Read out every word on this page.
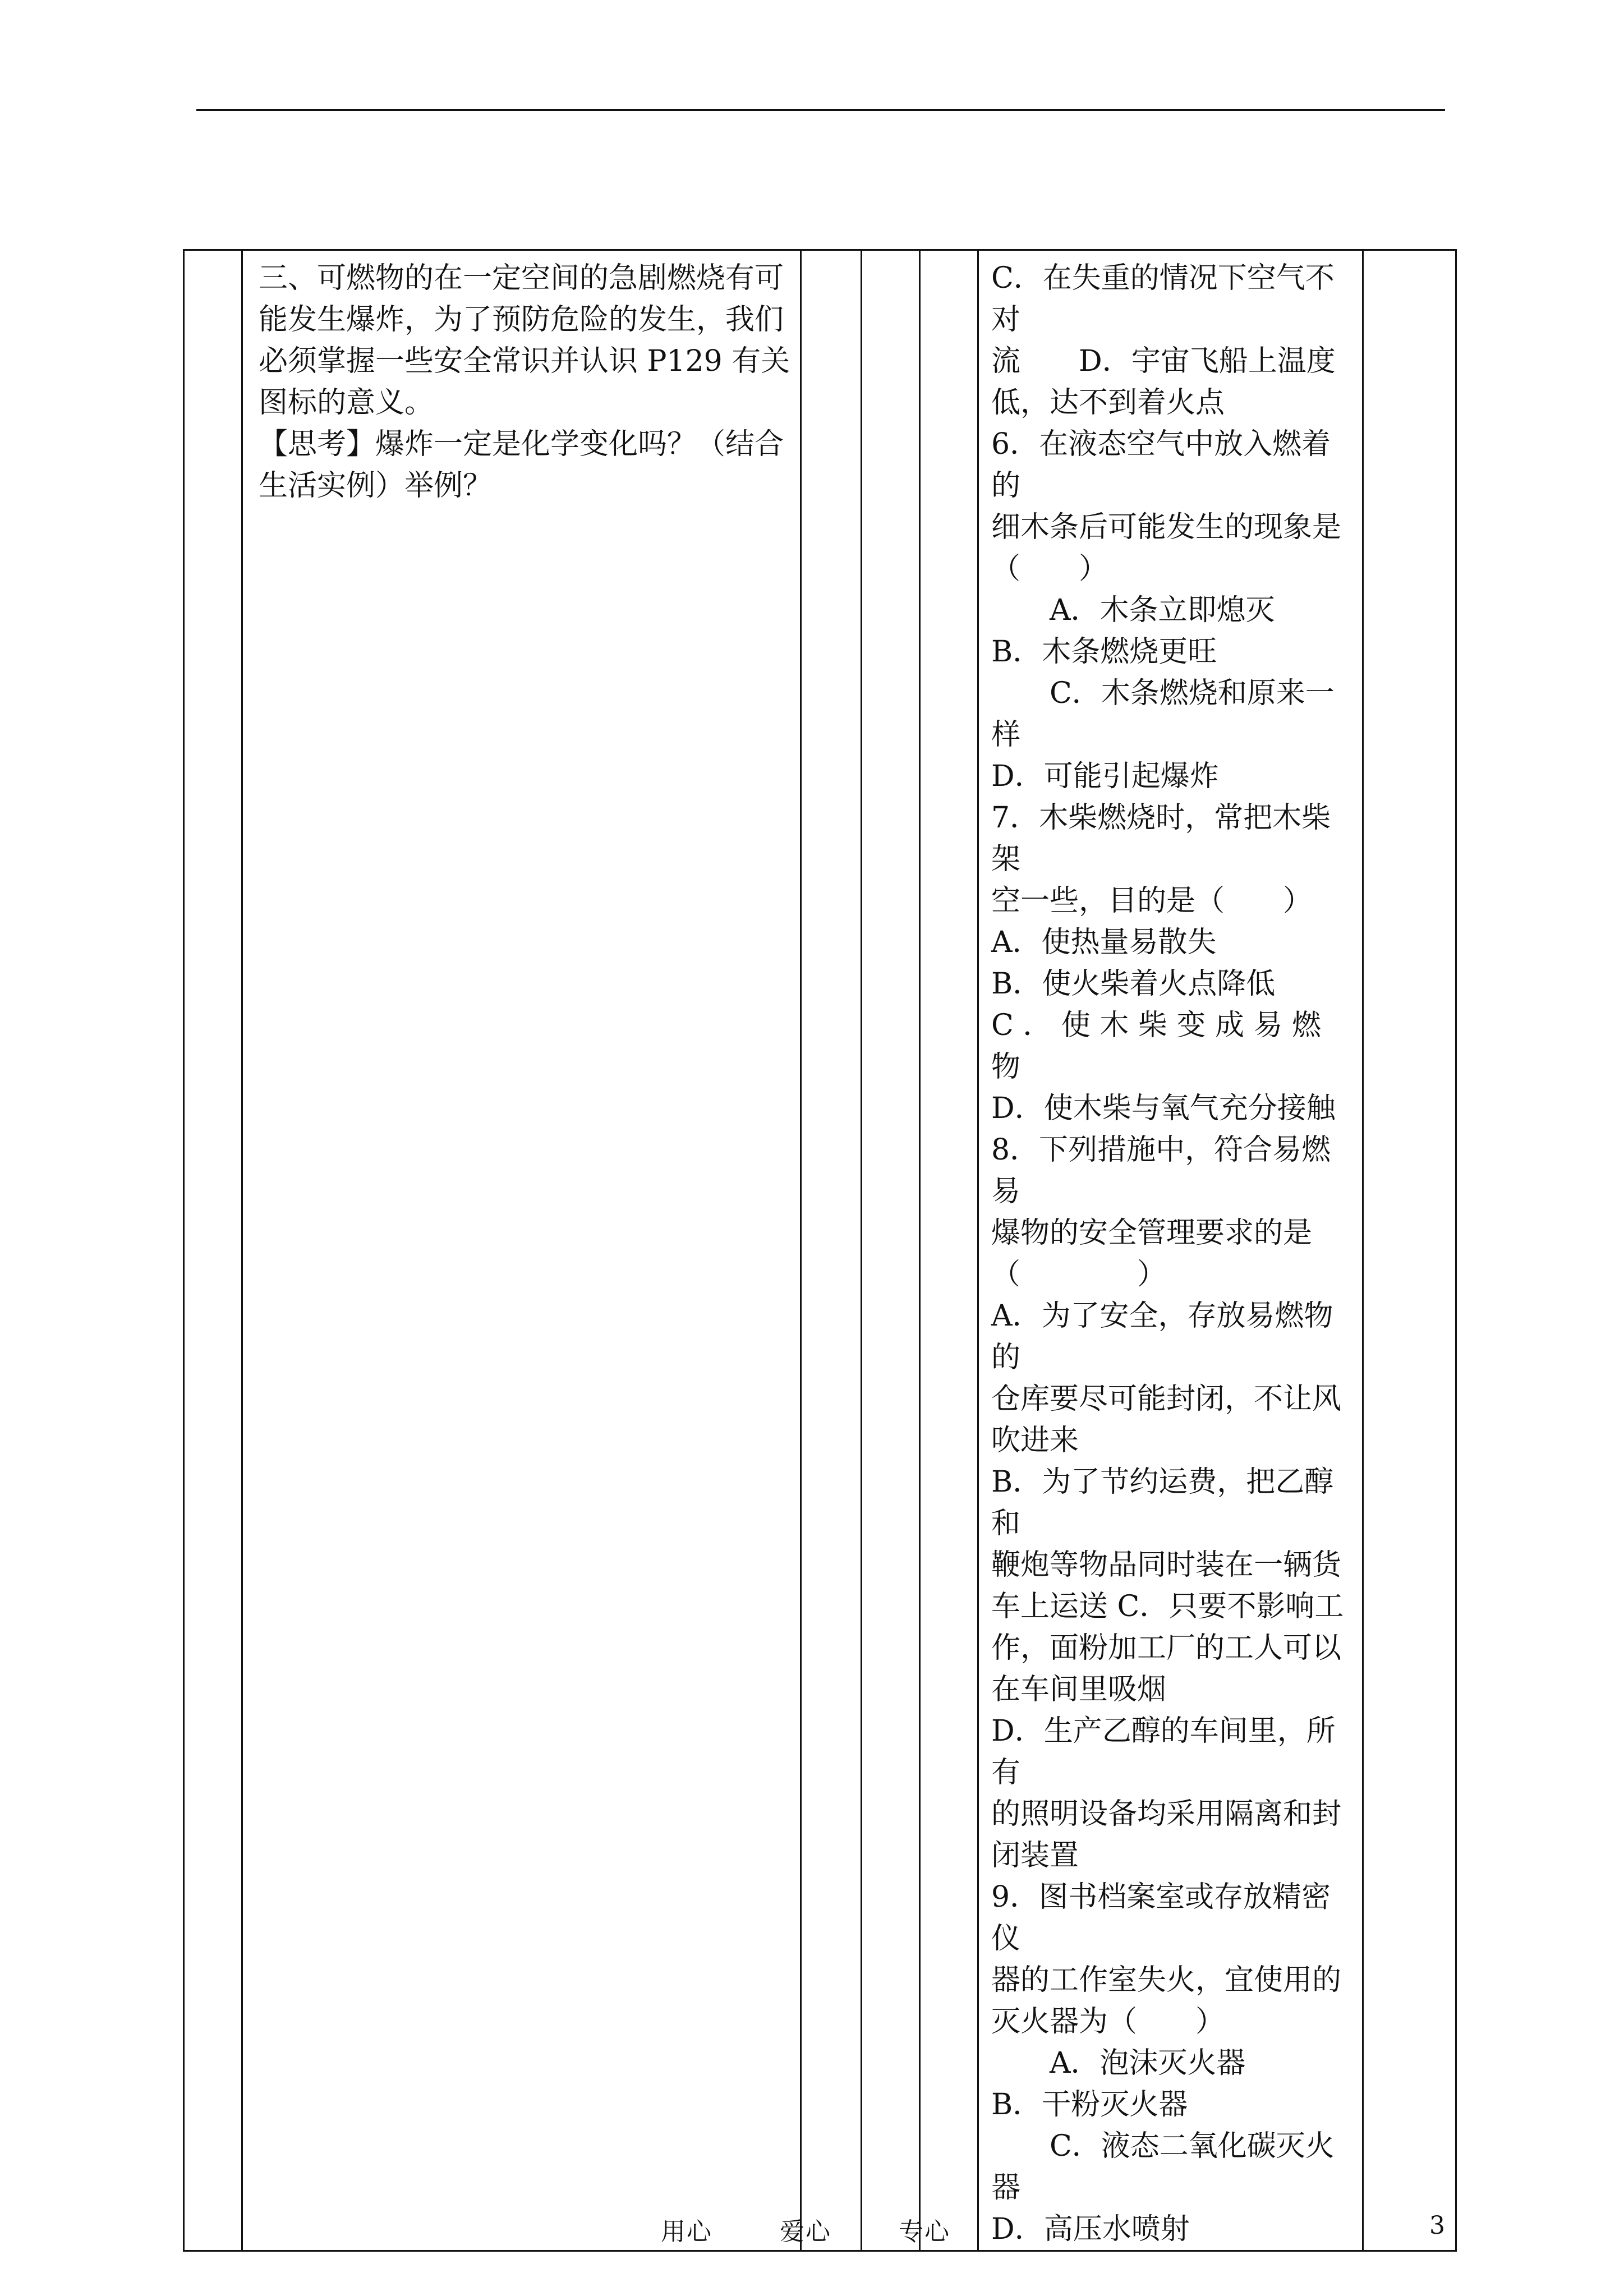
三、可燃物的在一定空间的急剧燃烧有可
能发生爆炸，为了预防危险的发生，我们
必须掌握一些安全常识并认识 P129 有关
图标的意义。
【思考】爆炸一定是化学变化吗？（结合
生活实例）举例？

C．在失重的情况下空气不对
流　　D．宇宙飞船上温度
低，达不到着火点
6．在液态空气中放入燃着的
细木条后可能发生的现象是
（　　）
　　A．木条立即熄灭
B．木条燃烧更旺
　　C．木条燃烧和原来一样
D．可能引起爆炸
7．木柴燃烧时，常把木柴架
空一些，目的是（　　）
A．使热量易散失
B．使火柴着火点降低
C ． 使 木 柴 变 成 易 燃 物
D．使木柴与氧气充分接触
8．下列措施中，符合易燃易
爆物的安全管理要求的是
（　　　　）
A．为了安全，存放易燃物的
仓库要尽可能封闭，不让风
吹进来
B．为了节约运费，把乙醇和
鞭炮等物品同时装在一辆货
车上运送 C．只要不影响工
作，面粉加工厂的工人可以
在车间里吸烟
D．生产乙醇的车间里，所有
的照明设备均采用隔离和封
闭装置
9．图书档案室或存放精密仪
器的工作室失火，宜使用的
灭火器为（　　）
　　A．泡沫灭火器
B．干粉灭火器
　　C．液态二氧化碳灭火器
D．高压水喷射

用心	爱心	专心	3
